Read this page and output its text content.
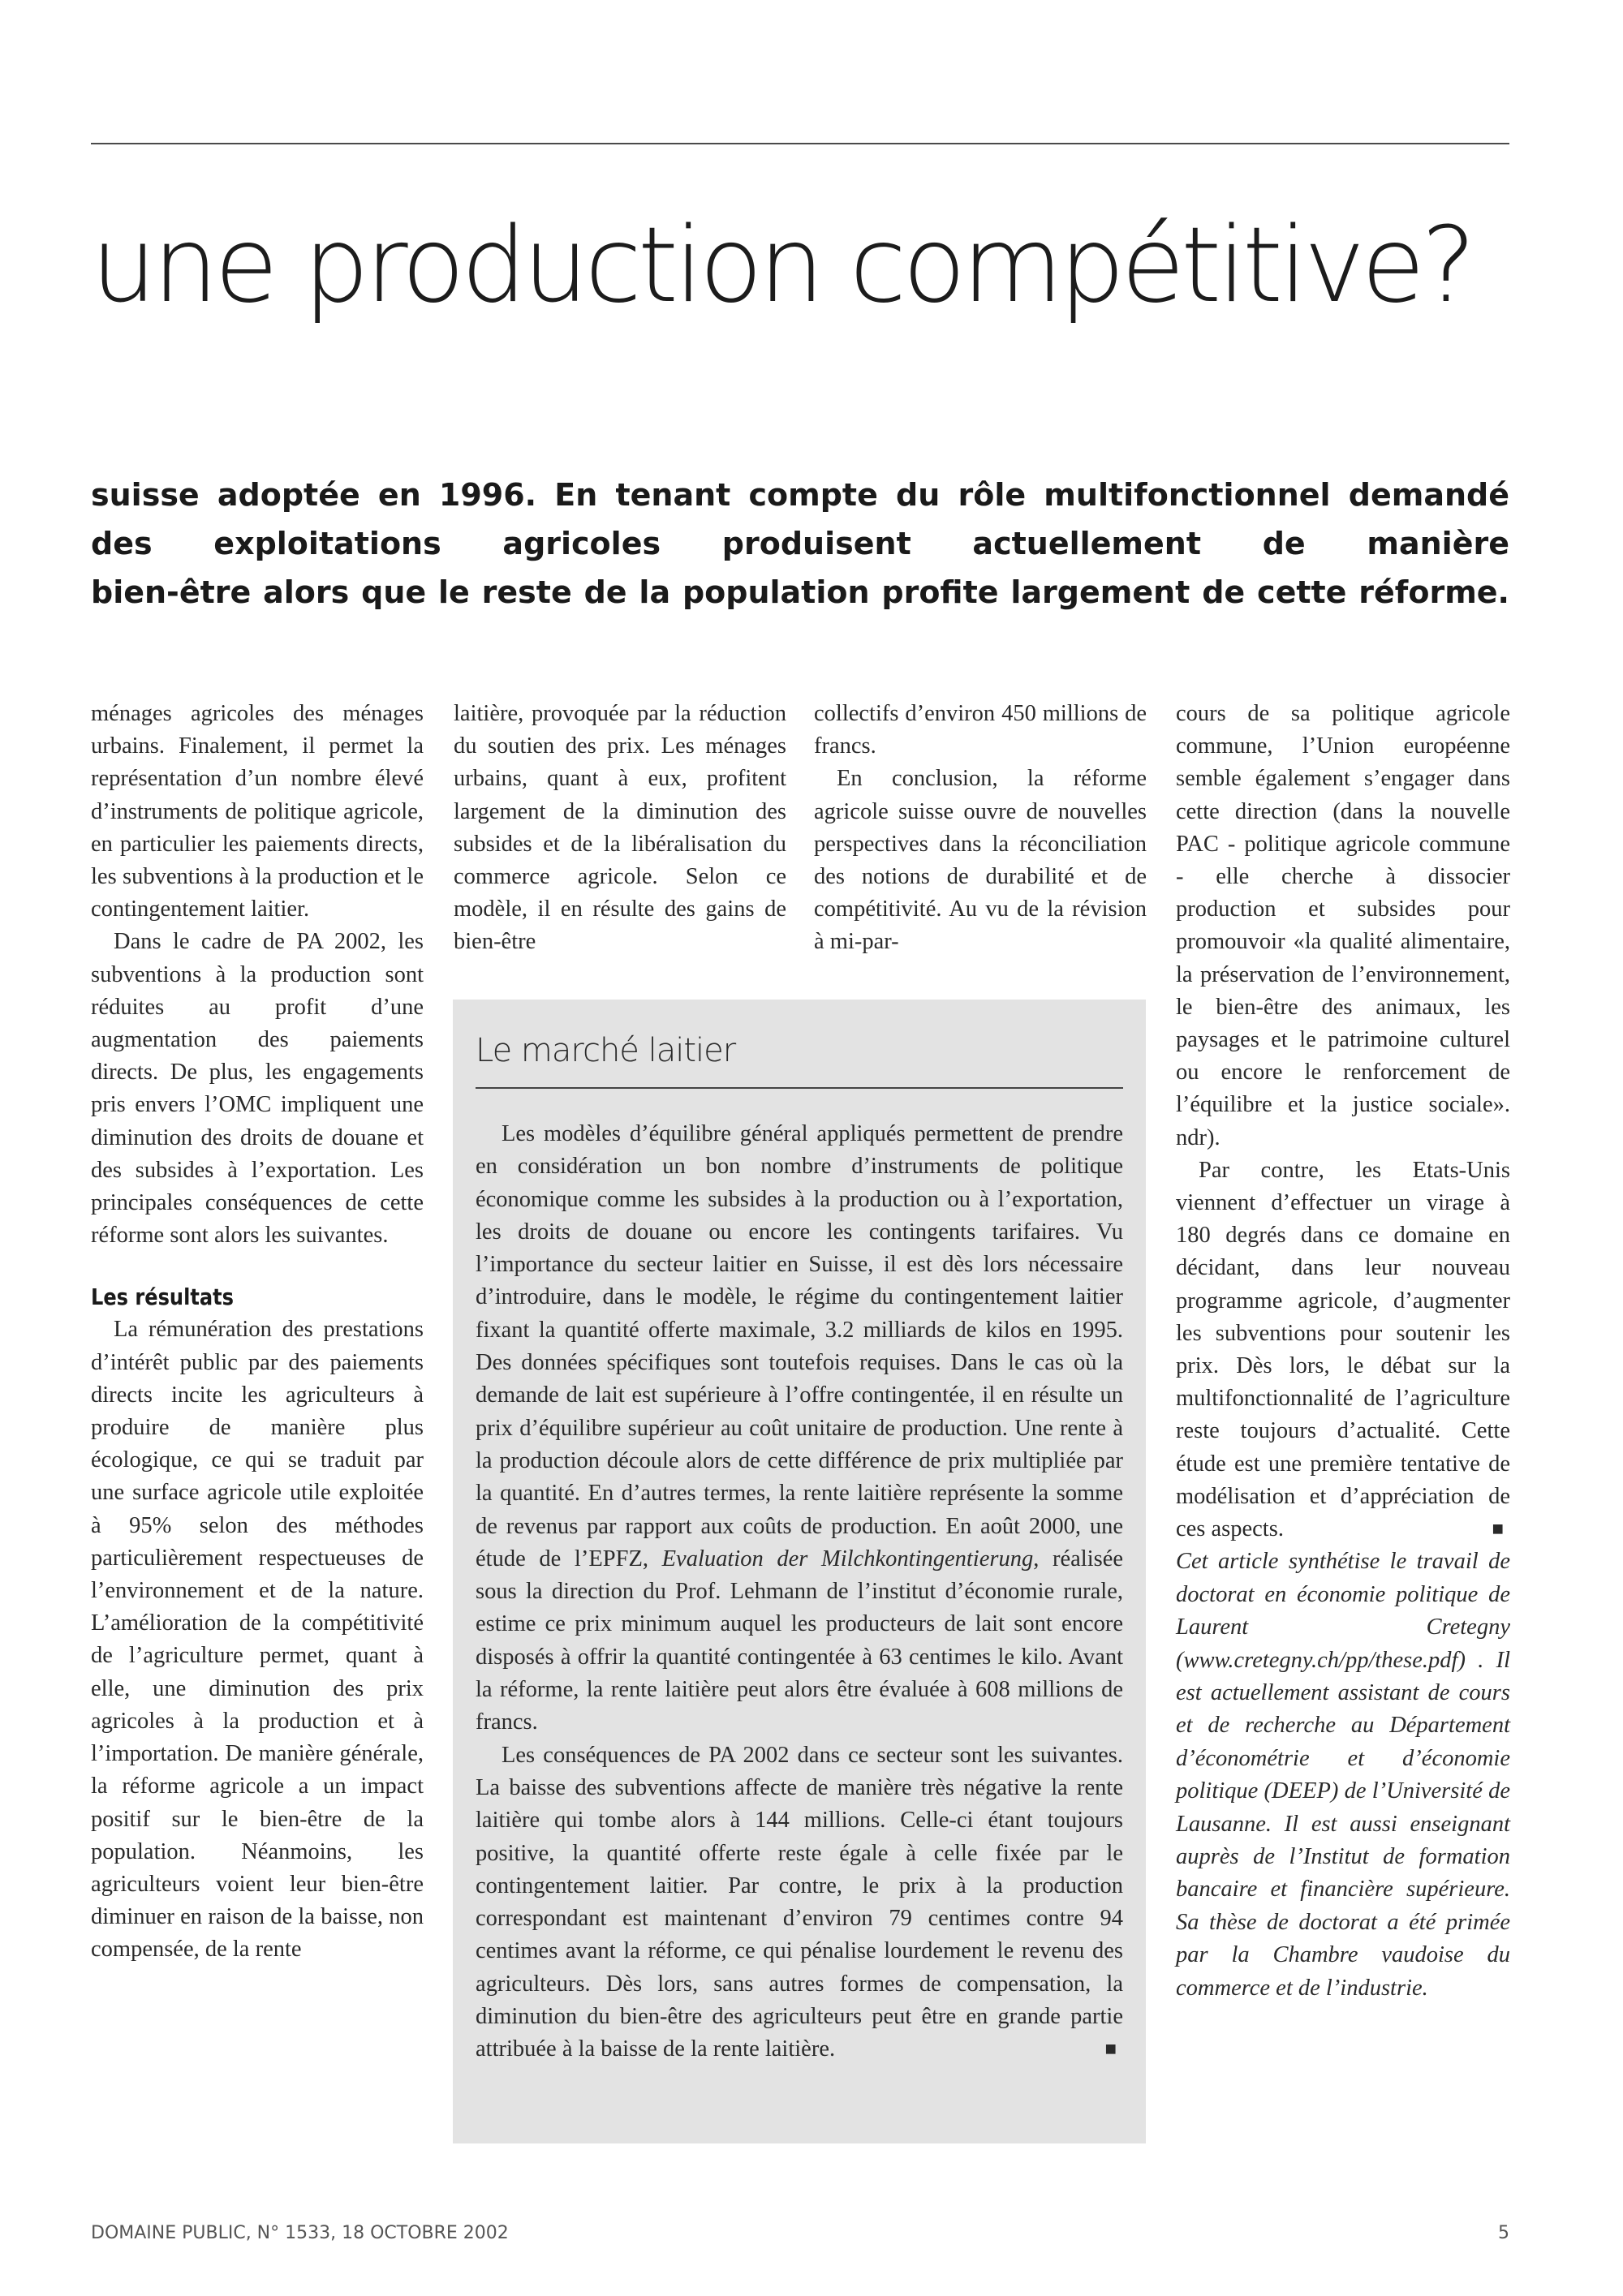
une production compétitive?
suisse adoptée en 1996. En tenant compte du rôle multifonctionnel demandé
des exploitations agricoles produisent actuellement de manière
bien-être alors que le reste de la population profite largement de cette réforme.

ménages agricoles des ménages urbains. Finalement, il permet la représentation d’un nombre élevé d’instruments de politique agricole, en particulier les paiements directs, les subventions à la production et le contingentement laitier.

Dans le cadre de PA 2002, les subventions à la production sont réduites au profit d’une augmentation des paiements directs. De plus, les engagements pris envers l’OMC impliquent une diminution des droits de douane et des subsides à l’exportation. Les principales conséquences de cette réforme sont alors les suivantes.

Les résultats

La rémunération des prestations d’intérêt public par des paiements directs incite les agriculteurs à produire de manière plus écologique, ce qui se traduit par une surface agricole utile exploitée à 95% selon des méthodes particulièrement respectueuses de l’environnement et de la nature. L’amélioration de la compétitivité de l’agriculture permet, quant à elle, une diminution des prix agricoles à la production et à l’importation. De manière générale, la réforme agricole a un impact positif sur le bien-être de la population. Néanmoins, les agriculteurs voient leur bien-être diminuer en raison de la baisse, non compensée, de la rente

laitière, provoquée par la réduction du soutien des prix. Les ménages urbains, quant à eux, profitent largement de la diminution des subsides et de la libéralisation du commerce agricole. Selon ce modèle, il en résulte des gains de bien-être

collectifs d’environ 450 millions de francs.

En conclusion, la réforme agricole suisse ouvre de nouvelles perspectives dans la réconciliation des notions de durabilité et de compétitivité. Au vu de la révision à mi-par-

cours de sa politique agricole commune, l’Union européenne semble également s’engager dans cette direction (dans la nouvelle PAC - politique agricole commune - elle cherche à dissocier production et subsides pour promouvoir «la qualité alimentaire, la préservation de l’environnement, le bien-être des animaux, les paysages et le patrimoine culturel ou encore le renforcement de l’équilibre et la justice sociale». ndr).

Par contre, les Etats-Unis viennent d’effectuer un virage à 180 degrés dans ce domaine en décidant, dans leur nouveau programme agricole, d’augmenter les subventions pour soutenir les prix. Dès lors, le débat sur la multifonctionnalité de l’agriculture reste toujours d’actualité. Cette étude est une première tentative de modélisation et d’appréciation de ces aspects.	■

Cet article synthétise le travail de doctorat en économie politique de Laurent Cretegny (www.cretegny.ch/pp/these.pdf) . Il est actuellement assistant de cours et de recherche au Département d’économétrie et d’économie politique (DEEP) de l’Université de Lausanne. Il est aussi enseignant auprès de l’Institut de formation bancaire et financière supérieure. Sa thèse de doctorat a été primée par la Chambre vaudoise du commerce et de l’industrie.

Le marché laitier

Les modèles d’équilibre général appliqués permettent de prendre en considération un bon nombre d’instruments de politique économique comme les subsides à la production ou à l’exportation, les droits de douane ou encore les contingents tarifaires. Vu l’importance du secteur laitier en Suisse, il est dès lors nécessaire d’introduire, dans le modèle, le régime du contingentement laitier fixant la quantité offerte maximale, 3.2 milliards de kilos en 1995. Des données spécifiques sont toutefois requises. Dans le cas où la demande de lait est supérieure à l’offre contingentée, il en résulte un prix d’équilibre supérieur au coût unitaire de production. Une rente à la production découle alors de cette différence de prix multipliée par la quantité. En d’autres termes, la rente laitière représente la somme de revenus par rapport aux coûts de production. En août 2000, une étude de l’EPFZ, Evaluation der Milchkontingentierung, réalisée sous la direction du Prof. Lehmann de l’institut d’économie rurale, estime ce prix minimum auquel les producteurs de lait sont encore disposés à offrir la quantité contingentée à 63 centimes le kilo. Avant la réforme, la rente laitière peut alors être évaluée à 608 millions de francs.

Les conséquences de PA 2002 dans ce secteur sont les suivantes. La baisse des subventions affecte de manière très négative la rente laitière qui tombe alors à 144 millions. Celle-ci étant toujours positive, la quantité offerte reste égale à celle fixée par le contingentement laitier. Par contre, le prix à la production correspondant est maintenant d’environ 79 centimes contre 94 centimes avant la réforme, ce qui pénalise lourdement le revenu des agriculteurs. Dès lors, sans autres formes de compensation, la diminution du bien-être des agriculteurs peut être en grande partie attribuée à la baisse de la rente laitière.	■

DOMAINE PUBLIC, N° 1533, 18 OCTOBRE 2002	5
